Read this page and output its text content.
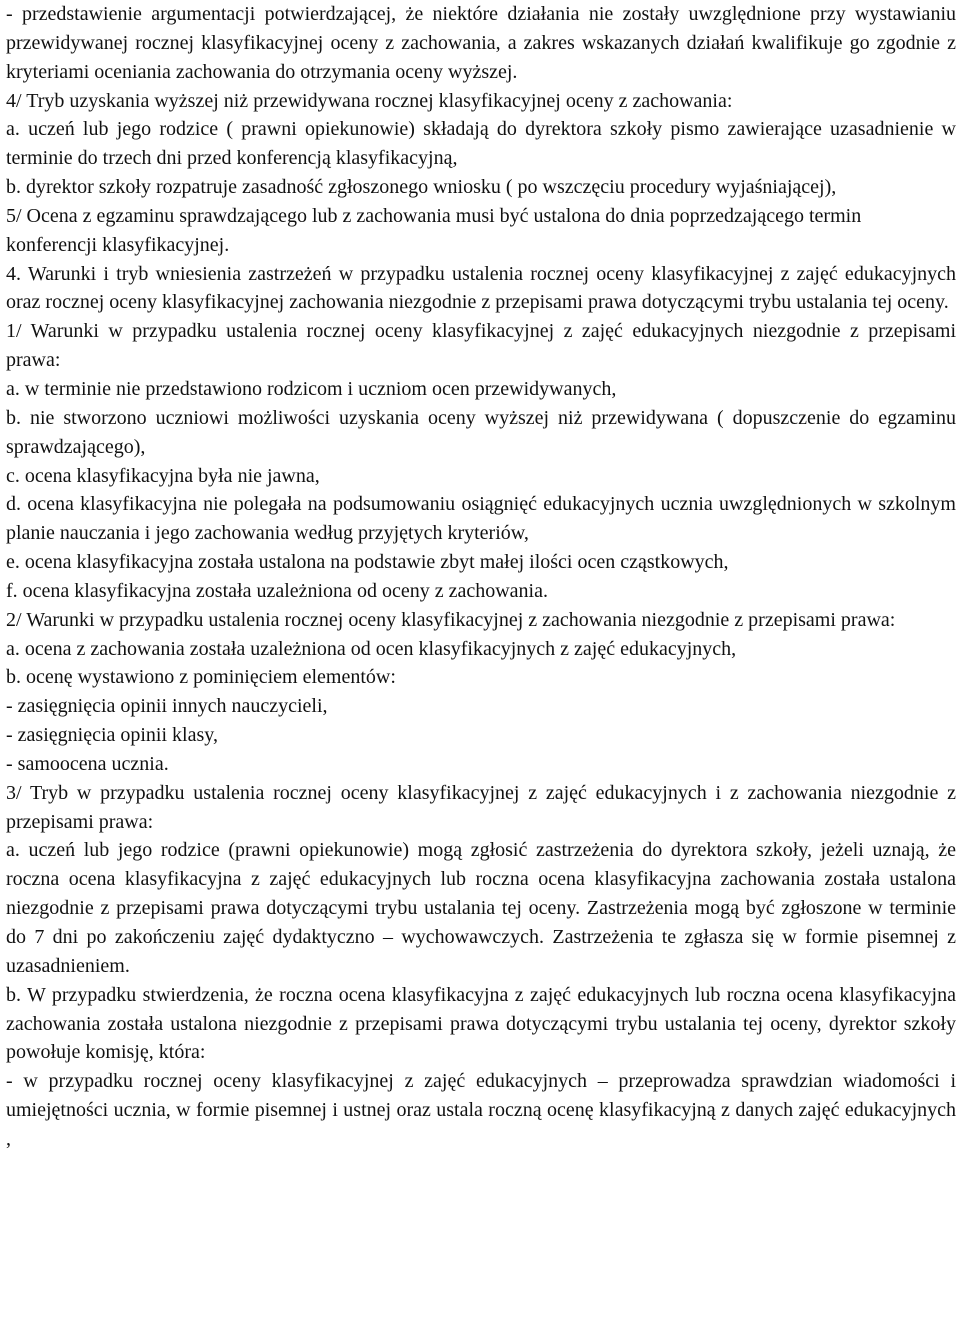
- przedstawienie argumentacji potwierdzającej, że niektóre działania nie zostały uwzględnione przy wystawianiu przewidywanej rocznej klasyfikacyjnej oceny z zachowania, a zakres wskazanych działań kwalifikuje go zgodnie z kryteriami oceniania zachowania do otrzymania oceny wyższej.

4/ Tryb uzyskania wyższej niż przewidywana rocznej klasyfikacyjnej oceny z zachowania:

a. uczeń lub jego rodzice ( prawni opiekunowie) składają do dyrektora szkoły pismo zawierające uzasadnienie w terminie do trzech dni przed konferencją klasyfikacyjną,

b. dyrektor szkoły rozpatruje zasadność zgłoszonego wniosku ( po wszczęciu procedury wyjaśniającej),

5/ Ocena z egzaminu sprawdzającego lub z zachowania musi być ustalona do dnia poprzedzającego termin konferencji klasyfikacyjnej.

4. Warunki i tryb wniesienia zastrzeżeń w przypadku ustalenia rocznej oceny klasyfikacyjnej z zajęć edukacyjnych oraz rocznej oceny klasyfikacyjnej zachowania niezgodnie z przepisami prawa dotyczącymi trybu ustalania tej oceny.

1/ Warunki w przypadku ustalenia rocznej oceny klasyfikacyjnej z zajęć edukacyjnych niezgodnie z przepisami prawa:

a. w terminie nie przedstawiono rodzicom i uczniom ocen przewidywanych,

b. nie stworzono uczniowi możliwości uzyskania oceny wyższej niż przewidywana ( dopuszczenie do egzaminu sprawdzającego),

c. ocena klasyfikacyjna była nie jawna,

d. ocena klasyfikacyjna nie polegała na podsumowaniu osiągnięć edukacyjnych ucznia uwzględnionych w szkolnym planie nauczania i jego zachowania według przyjętych kryteriów,

e. ocena klasyfikacyjna została ustalona na podstawie zbyt małej ilości ocen cząstkowych,

f. ocena klasyfikacyjna została uzależniona od oceny z zachowania.

2/ Warunki w przypadku ustalenia rocznej oceny klasyfikacyjnej z zachowania niezgodnie z przepisami prawa:

a. ocena z zachowania została uzależniona od ocen klasyfikacyjnych z zajęć edukacyjnych,

b. ocenę wystawiono z pominięciem elementów:

- zasięgnięcia opinii innych nauczycieli,

- zasięgnięcia opinii klasy,

- samoocena ucznia.

3/ Tryb w przypadku ustalenia rocznej oceny klasyfikacyjnej z zajęć edukacyjnych i z zachowania niezgodnie z przepisami prawa:

a. uczeń lub jego rodzice (prawni opiekunowie) mogą zgłosić zastrzeżenia do dyrektora szkoły, jeżeli uznają, że roczna ocena klasyfikacyjna z zajęć edukacyjnych lub roczna ocena klasyfikacyjna zachowania została ustalona niezgodnie z przepisami prawa dotyczącymi trybu ustalania tej oceny. Zastrzeżenia mogą być zgłoszone w terminie do 7 dni po zakończeniu zajęć dydaktyczno – wychowawczych. Zastrzeżenia te zgłasza się w formie pisemnej z uzasadnieniem.

b. W przypadku stwierdzenia, że roczna ocena klasyfikacyjna z zajęć edukacyjnych lub roczna ocena klasyfikacyjna zachowania została ustalona niezgodnie z przepisami prawa dotyczącymi trybu ustalania tej oceny, dyrektor szkoły powołuje komisję, która:

- w przypadku rocznej oceny klasyfikacyjnej z zajęć edukacyjnych – przeprowadza sprawdzian wiadomości i umiejętności ucznia, w formie pisemnej i ustnej oraz ustala roczną ocenę klasyfikacyjną z danych zajęć edukacyjnych ,
